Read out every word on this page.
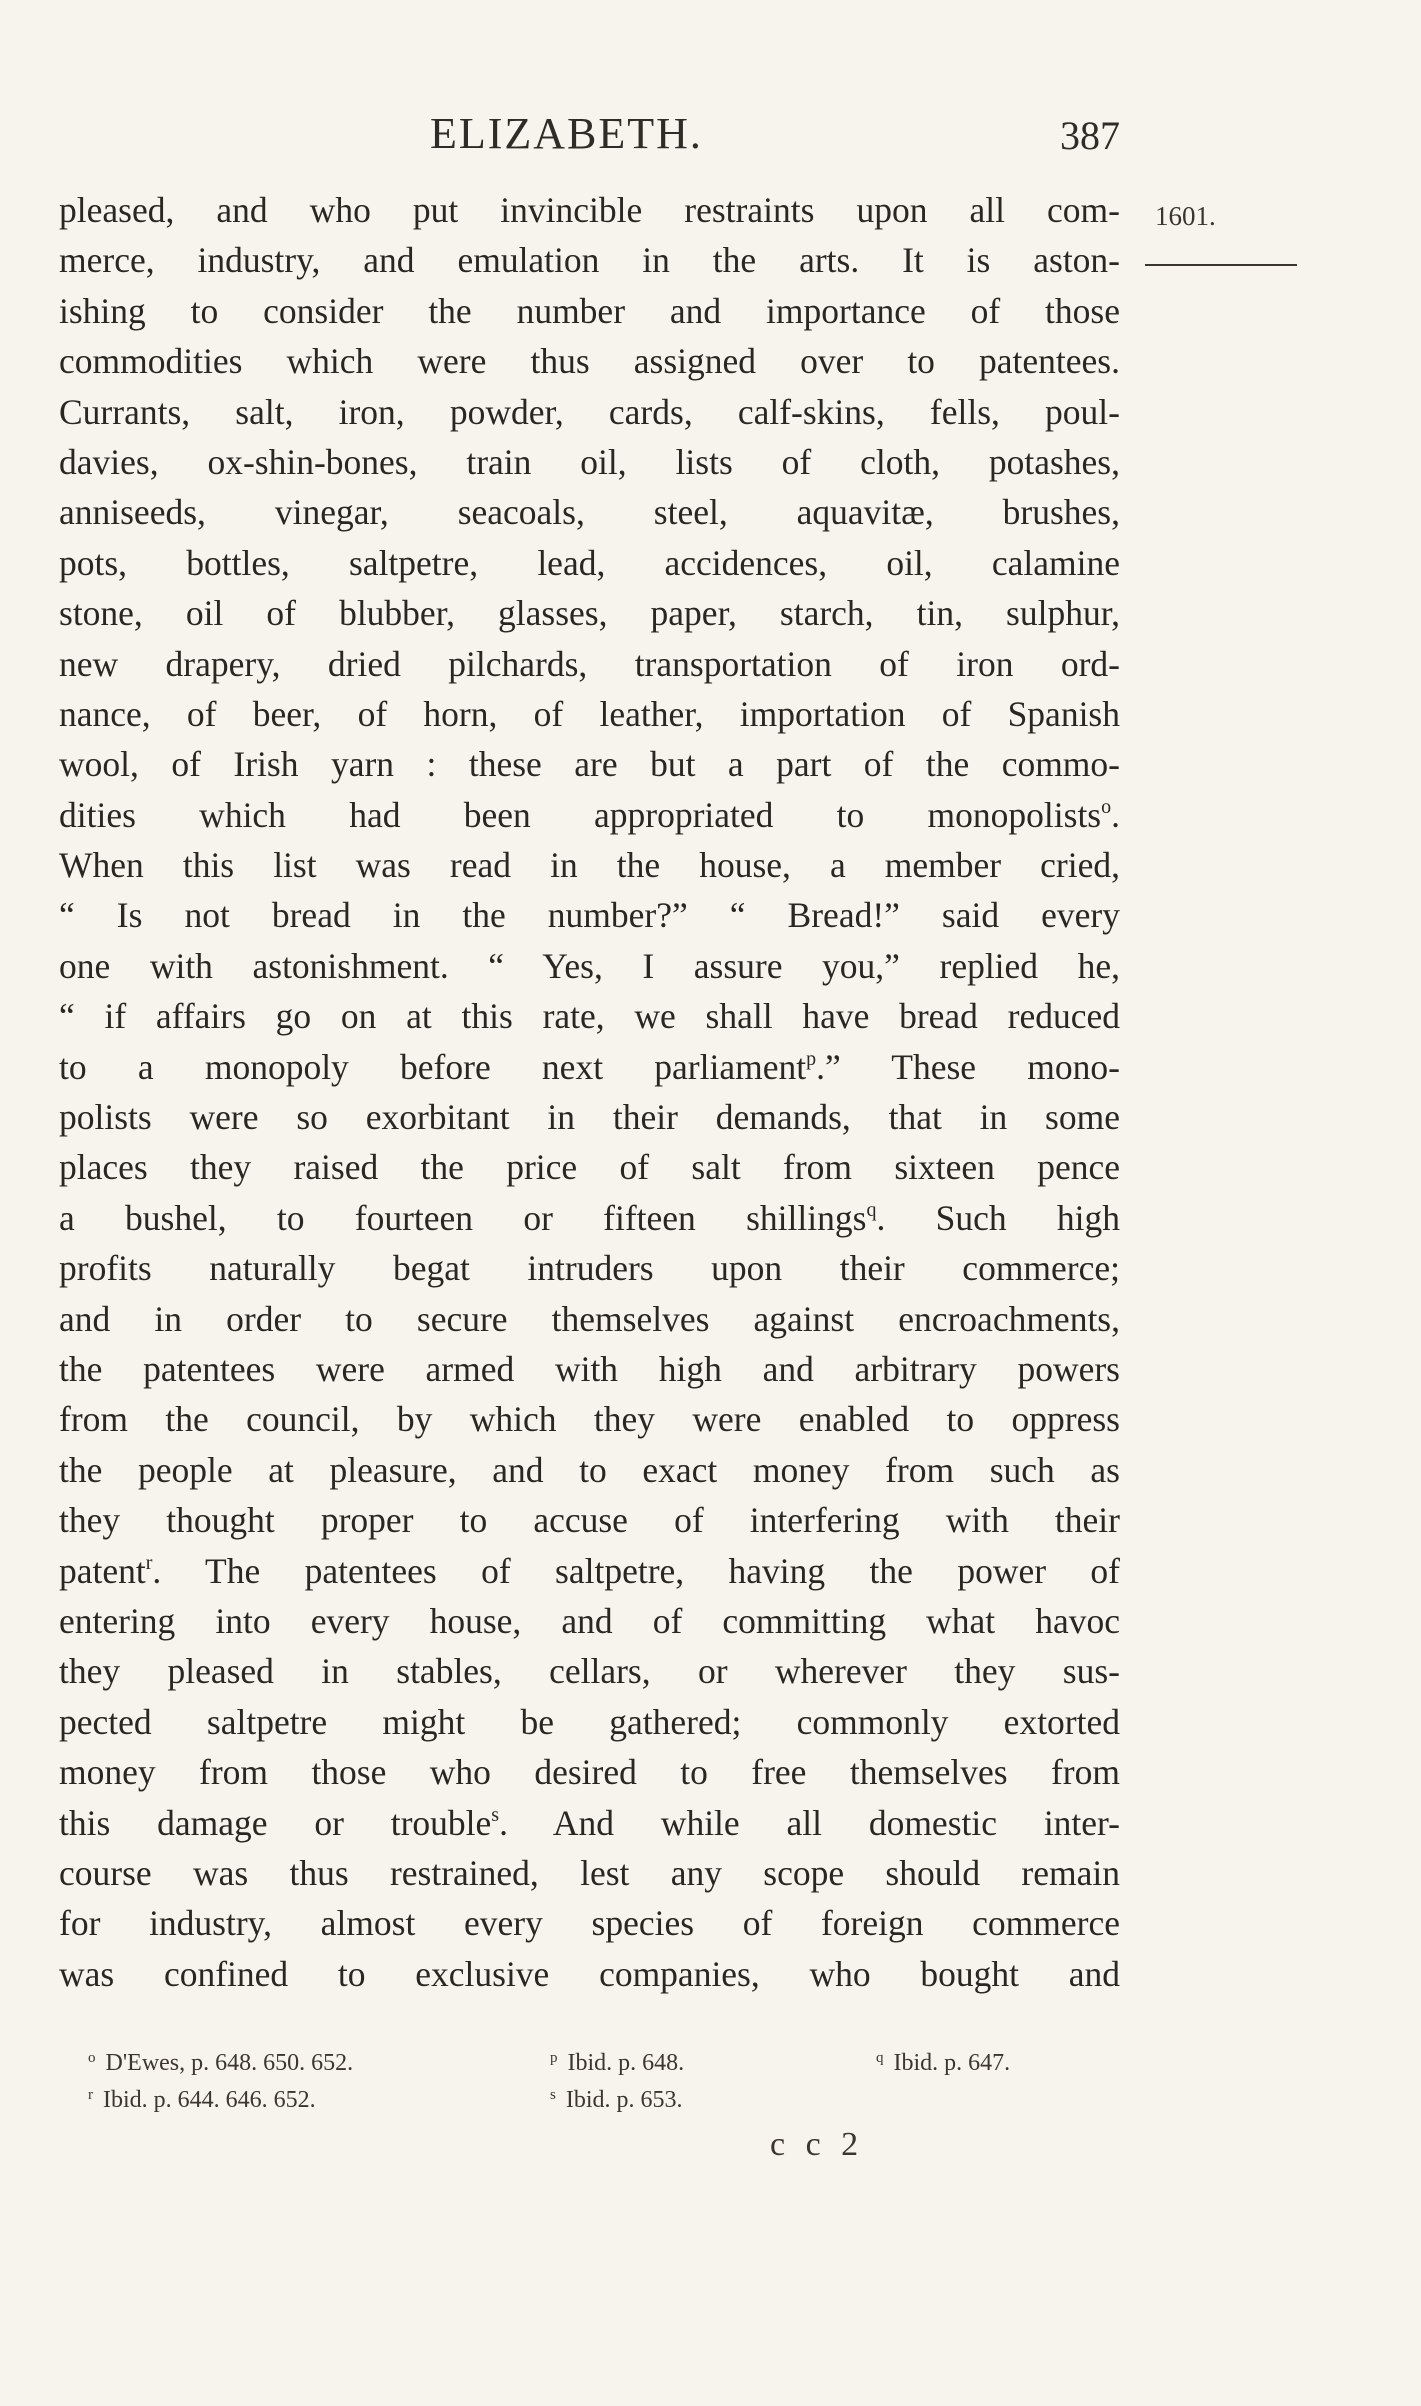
ELIZABETH.	387
1601.
pleased, and who put invincible restraints upon all com-
merce, industry, and emulation in the arts. It is aston-
ishing to consider the number and importance of those
commodities which were thus assigned over to patentees.
Currants, salt, iron, powder, cards, calf-skins, fells, poul-
davies, ox-shin-bones, train oil, lists of cloth, potashes,
anniseeds, vinegar, seacoals, steel, aquavitæ, brushes,
pots, bottles, saltpetre, lead, accidences, oil, calamine
stone, oil of blubber, glasses, paper, starch, tin, sulphur,
new drapery, dried pilchards, transportation of iron ord-
nance, of beer, of horn, of leather, importation of Spanish
wool, of Irish yarn : these are but a part of the commo-
dities which had been appropriated to monopolists$^o$.
When this list was read in the house, a member cried,
“ Is not bread in the number?” “ Bread!” said every
one with astonishment. “ Yes, I assure you,” replied he,
“ if affairs go on at this rate, we shall have bread reduced
to a monopoly before next parliament$^p$.” These mono-
polists were so exorbitant in their demands, that in some
places they raised the price of salt from sixteen pence
a bushel, to fourteen or fifteen shillings$^q$. Such high
profits naturally begat intruders upon their commerce;
and in order to secure themselves against encroachments,
the patentees were armed with high and arbitrary powers
from the council, by which they were enabled to oppress
the people at pleasure, and to exact money from such as
they thought proper to accuse of interfering with their
patent$^r$. The patentees of saltpetre, having the power of
entering into every house, and of committing what havoc
they pleased in stables, cellars, or wherever they sus-
pected saltpetre might be gathered; commonly extorted
money from those who desired to free themselves from
this damage or trouble$^s$. And while all domestic inter-
course was thus restrained, lest any scope should remain
for industry, almost every species of foreign commerce
was confined to exclusive companies, who bought and
$^o$ D'Ewes, p. 648. 650. 652.	$^p$ Ibid. p. 648.	$^q$ Ibid. p. 647.
$^r$ Ibid. p. 644. 646. 652.	$^s$ Ibid. p. 653.
c c 2
